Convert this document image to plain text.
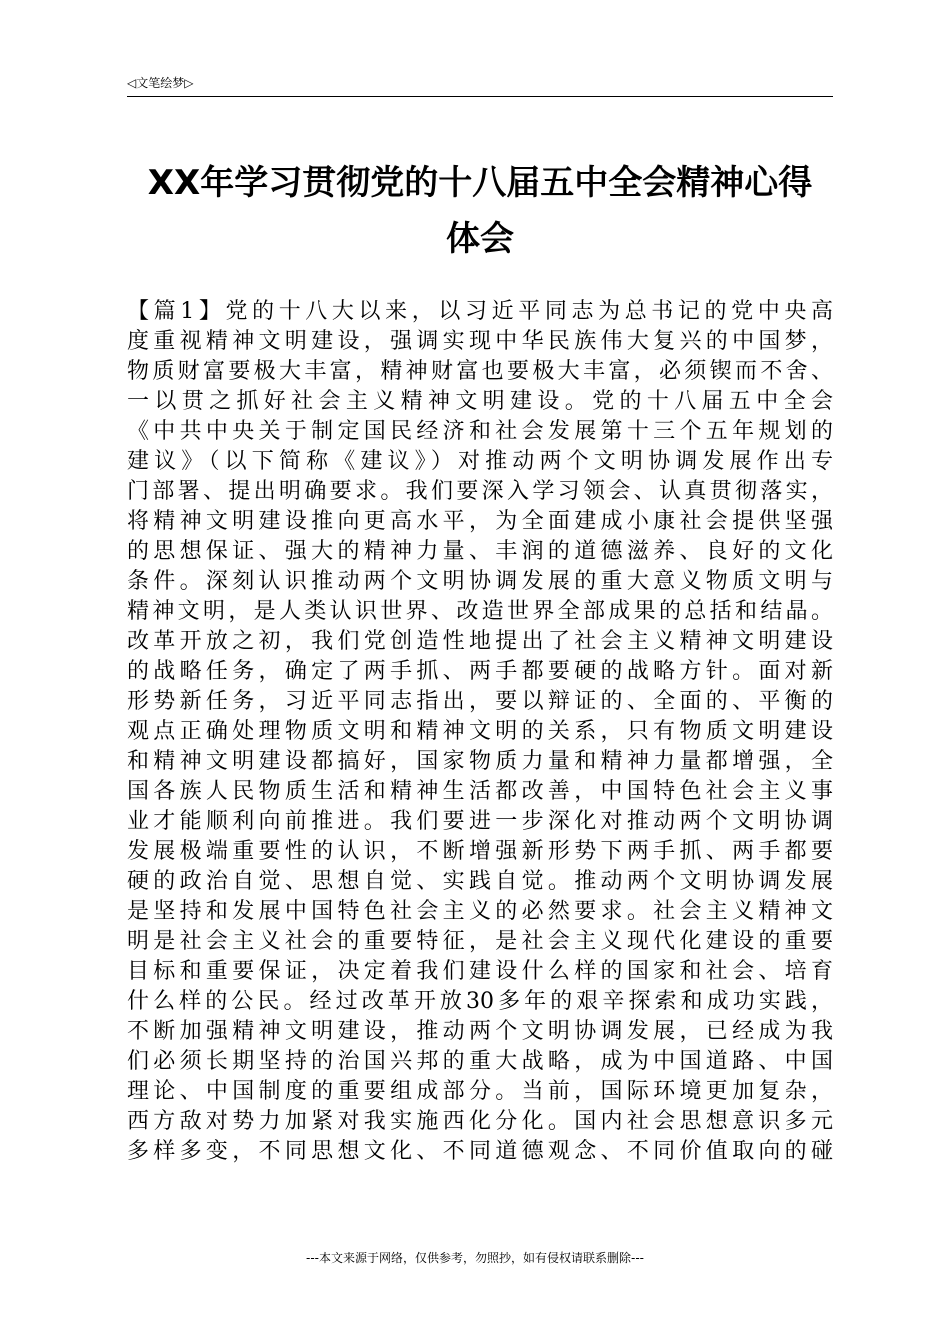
◁文笔绘梦▷
XX年学习贯彻党的十八届五中全会精神心得
体会
【篇1】党的十八大以来，以习近平同志为总书记的党中央高
度重视精神文明建设，强调实现中华民族伟大复兴的中国梦，
物质财富要极大丰富，精神财富也要极大丰富，必须锲而不舍、
一以贯之抓好社会主义精神文明建设。党的十八届五中全会
《中共中央关于制定国民经济和社会发展第十三个五年规划的
建议》（以下简称《建议》）对推动两个文明协调发展作出专
门部署、提出明确要求。我们要深入学习领会、认真贯彻落实，
将精神文明建设推向更高水平，为全面建成小康社会提供坚强
的思想保证、强大的精神力量、丰润的道德滋养、良好的文化
条件。深刻认识推动两个文明协调发展的重大意义物质文明与
精神文明，是人类认识世界、改造世界全部成果的总括和结晶。
改革开放之初，我们党创造性地提出了社会主义精神文明建设
的战略任务，确定了两手抓、两手都要硬的战略方针。面对新
形势新任务，习近平同志指出，要以辩证的、全面的、平衡的
观点正确处理物质文明和精神文明的关系，只有物质文明建设
和精神文明建设都搞好，国家物质力量和精神力量都增强，全
国各族人民物质生活和精神生活都改善，中国特色社会主义事
业才能顺利向前推进。我们要进一步深化对推动两个文明协调
发展极端重要性的认识，不断增强新形势下两手抓、两手都要
硬的政治自觉、思想自觉、实践自觉。推动两个文明协调发展
是坚持和发展中国特色社会主义的必然要求。社会主义精神文
明是社会主义社会的重要特征，是社会主义现代化建设的重要
目标和重要保证，决定着我们建设什么样的国家和社会、培育
什么样的公民。经过改革开放30多年的艰辛探索和成功实践，
不断加强精神文明建设，推动两个文明协调发展，已经成为我
们必须长期坚持的治国兴邦的重大战略，成为中国道路、中国
理论、中国制度的重要组成部分。当前，国际环境更加复杂，
西方敌对势力加紧对我实施西化分化。国内社会思想意识多元
多样多变，不同思想文化、不同道德观念、不同价值取向的碰
---本文来源于网络，仅供参考，勿照抄，如有侵权请联系删除---
